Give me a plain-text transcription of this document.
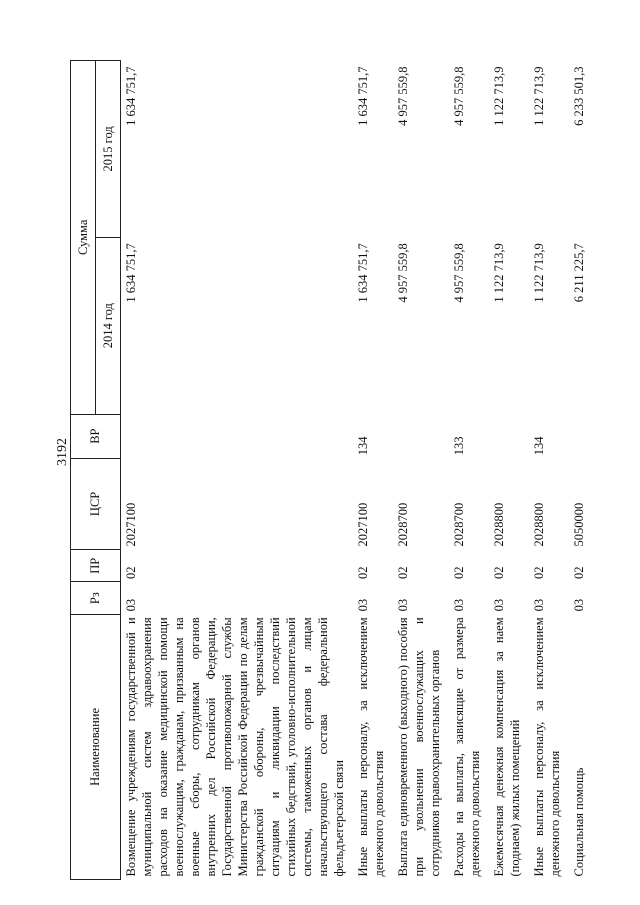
3192
Наименование	Рз	ПР	ЦСР	ВР	Сумма	
					2014 год	2015 год
Возмещение учреждениям государственной и муниципальной систем здравоохранения расходов на оказание медицинской помощи военнослужащим, гражданам, призванным на военные сборы, сотрудникам органов внутренних дел Российской Федерации, Государственной противопожарной службы Министерства Российской Федерации по делам гражданской обороны, чрезвычайным ситуациям и ликвидации последствий стихийных бедствий, уголовно-исполнительной системы, таможенных органов и лицам начальствующего состава федеральной фельдъегерской связи	03	02	2027100		1 634 751,7	1 634 751,7
Иные выплаты персоналу, за исключением денежного довольствия	03	02	2027100	134	1 634 751,7	1 634 751,7
Выплата единовременного (выходного) пособия при увольнении военнослужащих и сотрудников правоохранительных органов	03	02	2028700		4 957 559,8	4 957 559,8
Расходы на выплаты, зависящие от размера денежного довольствия	03	02	2028700	133	4 957 559,8	4 957 559,8
Ежемесячная денежная компенсация за наем (поднаем) жилых помещений	03	02	2028800		1 122 713,9	1 122 713,9
Иные выплаты персоналу, за исключением денежного довольствия	03	02	2028800	134	1 122 713,9	1 122 713,9
Социальная помощь	03	02	5050000		6 211 225,7	6 233 501,3
